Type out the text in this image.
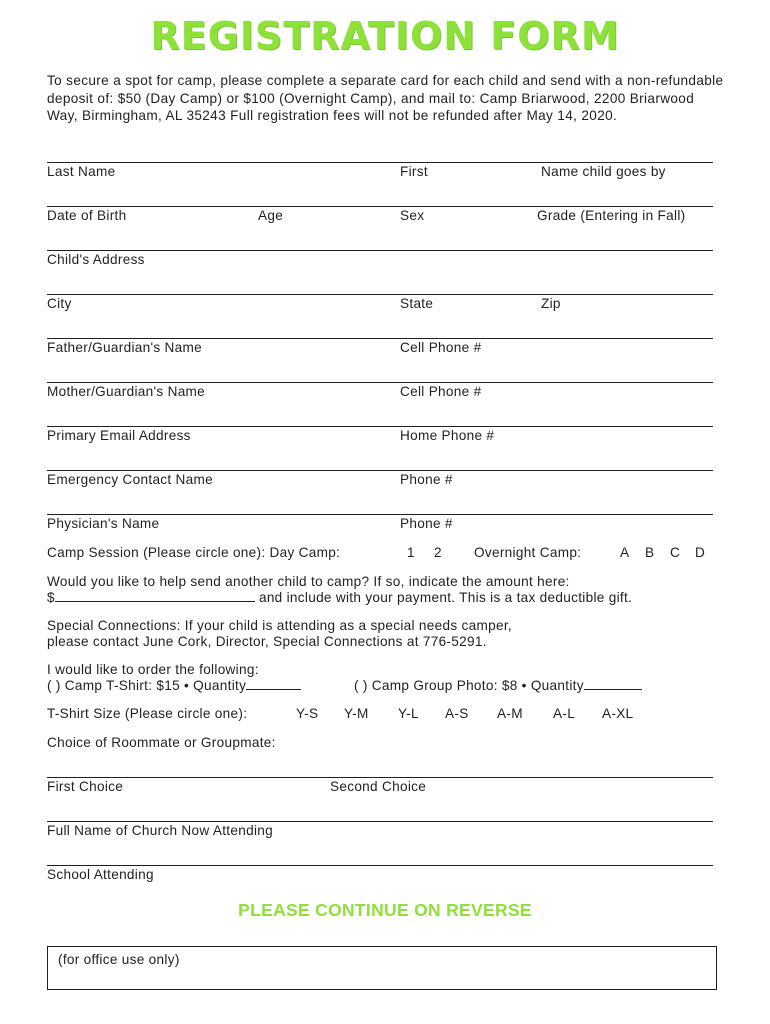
REGISTRATION FORM
To secure a spot for camp, please complete a separate card for each child and send with a non-refundable deposit of: $50 (Day Camp) or $100 (Overnight Camp), and mail to: Camp Briarwood, 2200 Briarwood Way, Birmingham, AL 35243 Full registration fees will not be refunded after May 14, 2020.
Last Name	First	Name child goes by
Date of Birth	Age	Sex	Grade (Entering in Fall)
Child's Address
City	State	Zip
Father/Guardian's Name	Cell Phone #
Mother/Guardian's Name	Cell Phone #
Primary Email Address	Home Phone #
Emergency Contact Name	Phone #
Physician's Name	Phone #
Camp Session (Please circle one): Day Camp:	1 2 Overnight Camp:	A B C D
Would you like to help send another child to camp? If so, indicate the amount here:
$	and include with your payment. This is a tax deductible gift.
Special Connections: If your child is attending as a special needs camper,
please contact June Cork, Director, Special Connections at 776-5291.
I would like to order the following:
( ) Camp T-Shirt: $15 • Quantity	( ) Camp Group Photo: $8 • Quantity
T-Shirt Size (Please circle one):	Y-S Y-M Y-L A-S A-M A-L A-XL
Choice of Roommate or Groupmate:
First Choice	Second Choice
Full Name of Church Now Attending
School Attending
PLEASE CONTINUE ON REVERSE
(for office use only)
